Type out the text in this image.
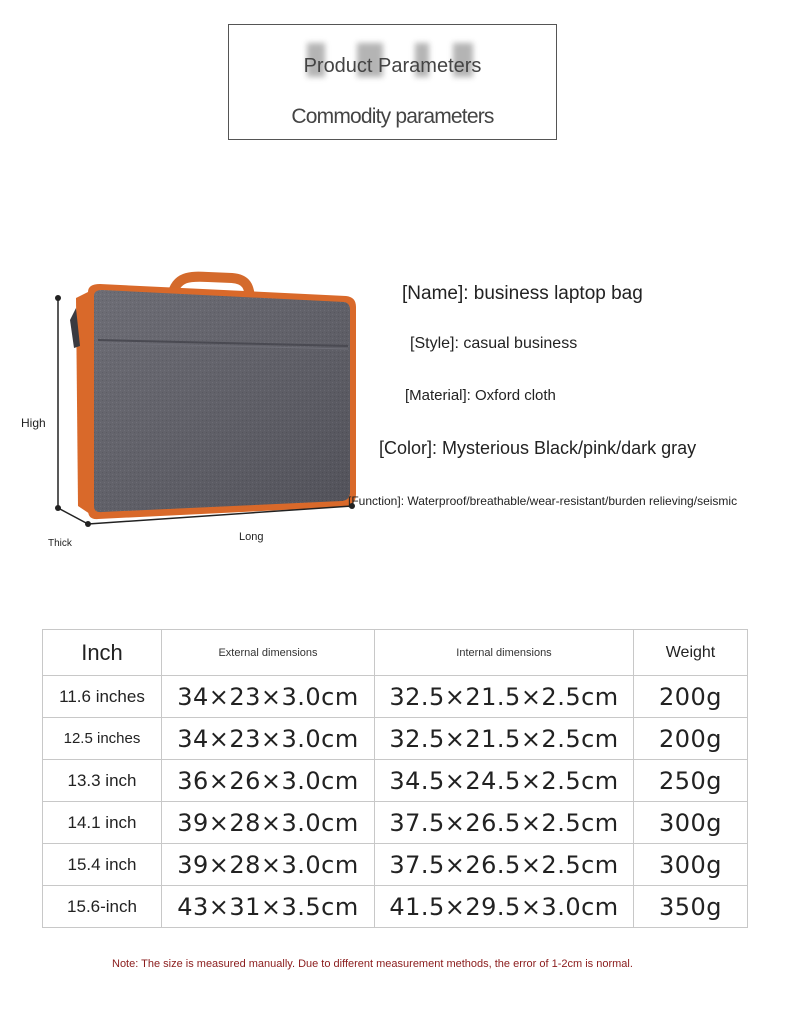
Product Parameters
Commodity parameters
High
Thick
Long
[Name]: business laptop bag
[Style]: casual business
[Material]: Oxford cloth
[Color]: Mysterious Black/pink/dark gray
[Function]: Waterproof/breathable/wear-resistant/burden relieving/seismic
Inch	External dimensions	Internal dimensions	Weight
11.6 inches	34×23×3.0cm	32.5×21.5×2.5cm	200g
12.5 inches	34×23×3.0cm	32.5×21.5×2.5cm	200g
13.3 inch	36×26×3.0cm	34.5×24.5×2.5cm	250g
14.1 inch	39×28×3.0cm	37.5×26.5×2.5cm	300g
15.4 inch	39×28×3.0cm	37.5×26.5×2.5cm	300g
15.6-inch	43×31×3.5cm	41.5×29.5×3.0cm	350g
Note: The size is measured manually. Due to different measurement methods, the error of 1-2cm is normal.
